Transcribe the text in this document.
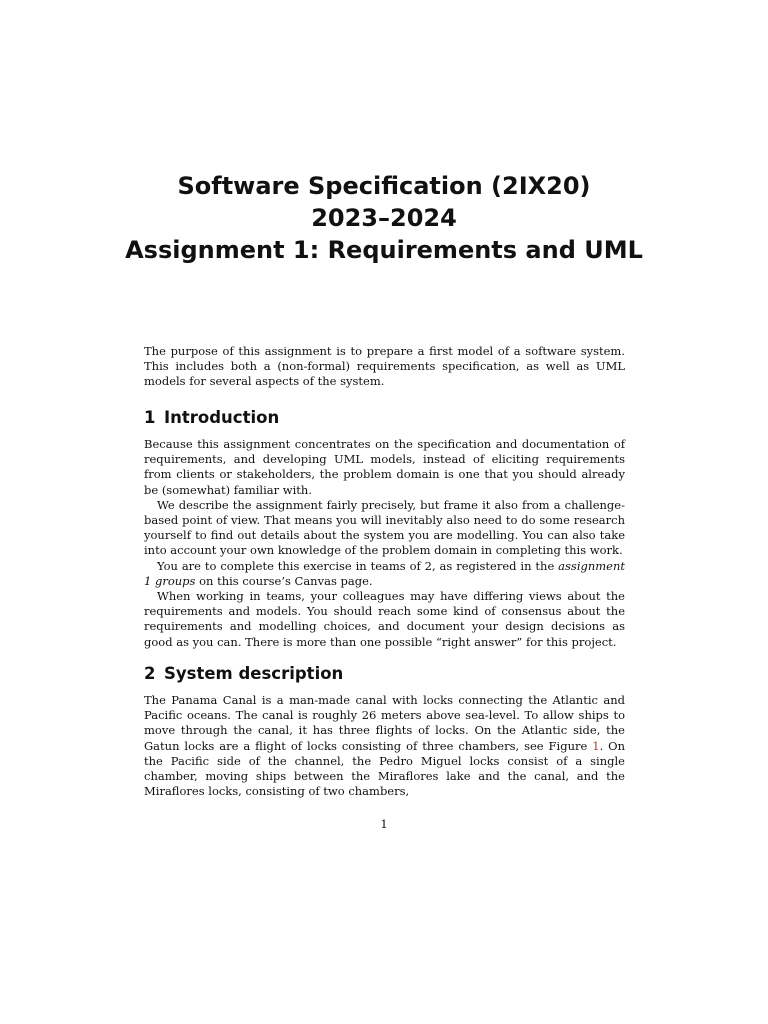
Software Specification (2IX20)
2023–2024
Assignment 1: Requirements and UML

The purpose of this assignment is to prepare a first model of a software system. This includes both a (non-formal) requirements specification, as well as UML models for several aspects of the system.

1 Introduction

Because this assignment concentrates on the specification and documentation of requirements, and developing UML models, instead of eliciting requirements from clients or stakeholders, the problem domain is one that you should already be (somewhat) familiar with.

We describe the assignment fairly precisely, but frame it also from a challenge-based point of view. That means you will inevitably also need to do some research yourself to find out details about the system you are modelling. You can also take into account your own knowledge of the problem domain in completing this work.

You are to complete this exercise in teams of 2, as registered in the assignment 1 groups on this course’s Canvas page.

When working in teams, your colleagues may have differing views about the requirements and models. You should reach some kind of consensus about the requirements and modelling choices, and document your design decisions as good as you can. There is more than one possible “right answer” for this project.

2 System description

The Panama Canal is a man-made canal with locks connecting the Atlantic and Pacific oceans. The canal is roughly 26 meters above sea-level. To allow ships to move through the canal, it has three flights of locks. On the Atlantic side, the Gatun locks are a flight of locks consisting of three chambers, see Figure 1. On the Pacific side of the channel, the Pedro Miguel locks consist of a single chamber, moving ships between the Miraflores lake and the canal, and the Miraflores locks, consisting of two chambers,

1
